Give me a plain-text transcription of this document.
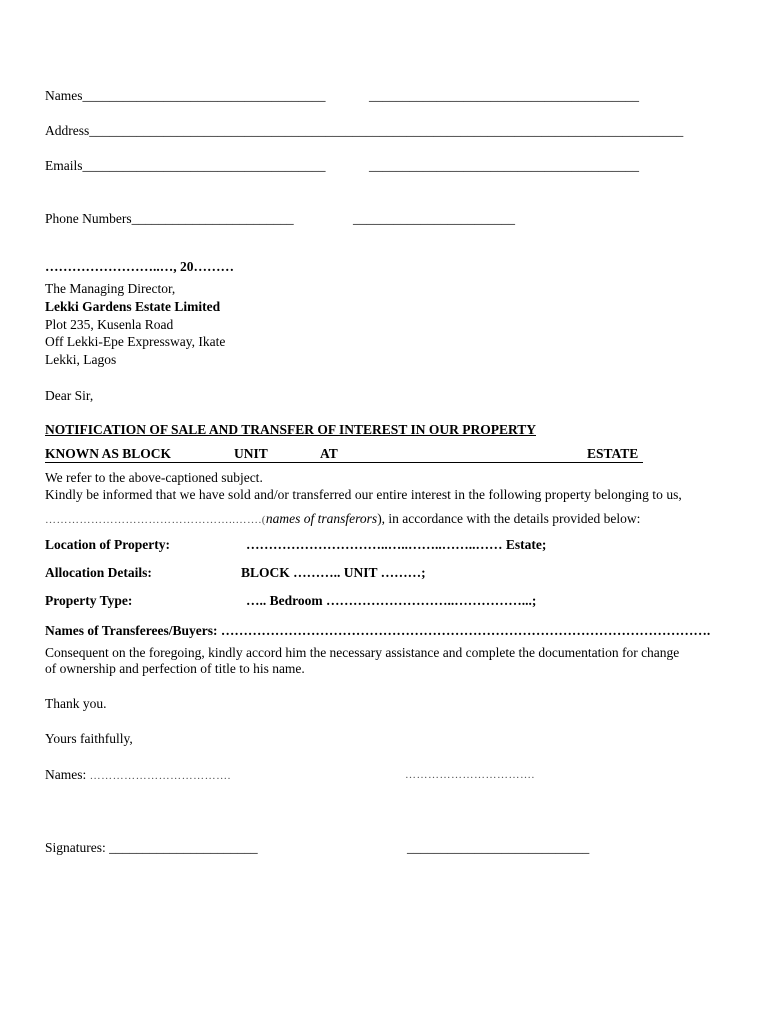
Names____________________________________	________________________________________
Address________________________________________________________________________________________
Emails____________________________________	________________________________________
Phone Numbers________________________	________________________
……………………..…, 20………
The Managing Director,
Lekki Gardens Estate Limited
Plot 235, Kusenla Road
Off Lekki-Epe Expressway, Ikate
Lekki, Lagos
Dear Sir,
NOTIFICATION OF SALE AND TRANSFER OF INTEREST IN OUR PROPERTY
KNOWN AS BLOCK	UNIT	AT	ESTATE
We refer to the above-captioned subject.
Kindly be informed that we have sold and/or transferred our entire interest in the following property belonging to us,
…………………………………………..…….(names of transferors), in accordance with the details provided below:
Location of Property:	…………………………..…..……..……..…… Estate;
Allocation Details:	BLOCK ……….. UNIT ………;
Property Type:	….. Bedroom ………………………..……………...;
Names of Transferees/Buyers: ……………………………………………………………………………………………….
Consequent on the foregoing, kindly accord him the necessary assistance and complete the documentation for change
of ownership and perfection of title to his name.
Thank you.
Yours faithfully,
Names: ……………………………….	…………………………….
Signatures: ______________________	___________________________
